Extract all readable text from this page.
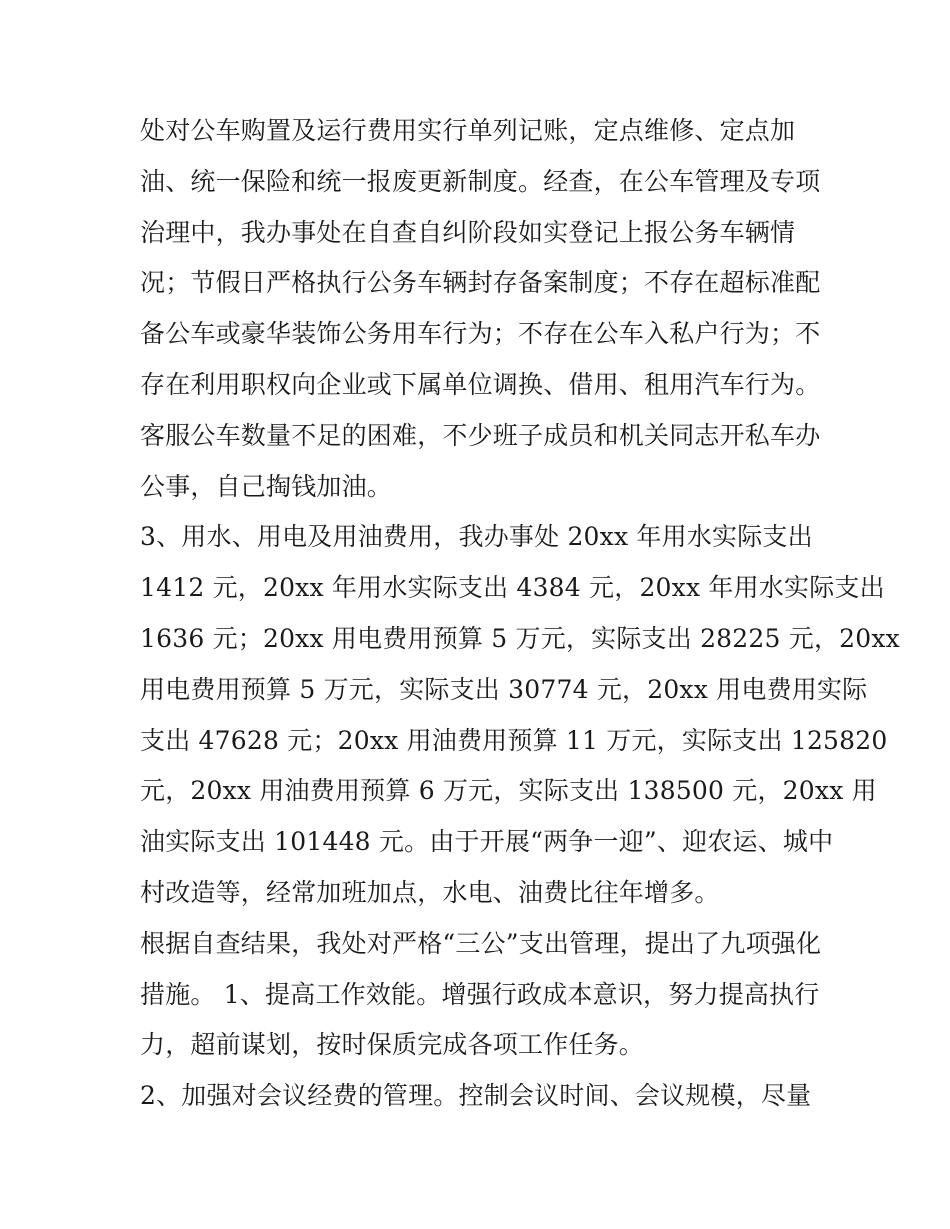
处对公车购置及运行费用实行单列记账，定点维修、定点加
油、统一保险和统一报废更新制度。经查，在公车管理及专项
治理中，我办事处在自查自纠阶段如实登记上报公务车辆情
况；节假日严格执行公务车辆封存备案制度；不存在超标准配
备公车或豪华装饰公务用车行为；不存在公车入私户行为；不
存在利用职权向企业或下属单位调换、借用、租用汽车行为。
客服公车数量不足的困难，不少班子成员和机关同志开私车办
公事，自己掏钱加油。
3、用水、用电及用油费用，我办事处 20xx 年用水实际支出
1412 元，20xx 年用水实际支出 4384 元，20xx 年用水实际支出
1636 元；20xx 用电费用预算 5 万元，实际支出 28225 元，20xx
用电费用预算 5 万元，实际支出 30774 元，20xx 用电费用实际
支出 47628 元；20xx 用油费用预算 11 万元，实际支出 125820
元，20xx 用油费用预算 6 万元，实际支出 138500 元，20xx 用
油实际支出 101448 元。由于开展“两争一迎”、迎农运、城中
村改造等，经常加班加点，水电、油费比往年增多。
根据自查结果，我处对严格“三公”支出管理，提出了九项强化
措施。 1、提高工作效能。增强行政成本意识，努力提高执行
力，超前谋划，按时保质完成各项工作任务。
2、加强对会议经费的管理。控制会议时间、会议规模，尽量
